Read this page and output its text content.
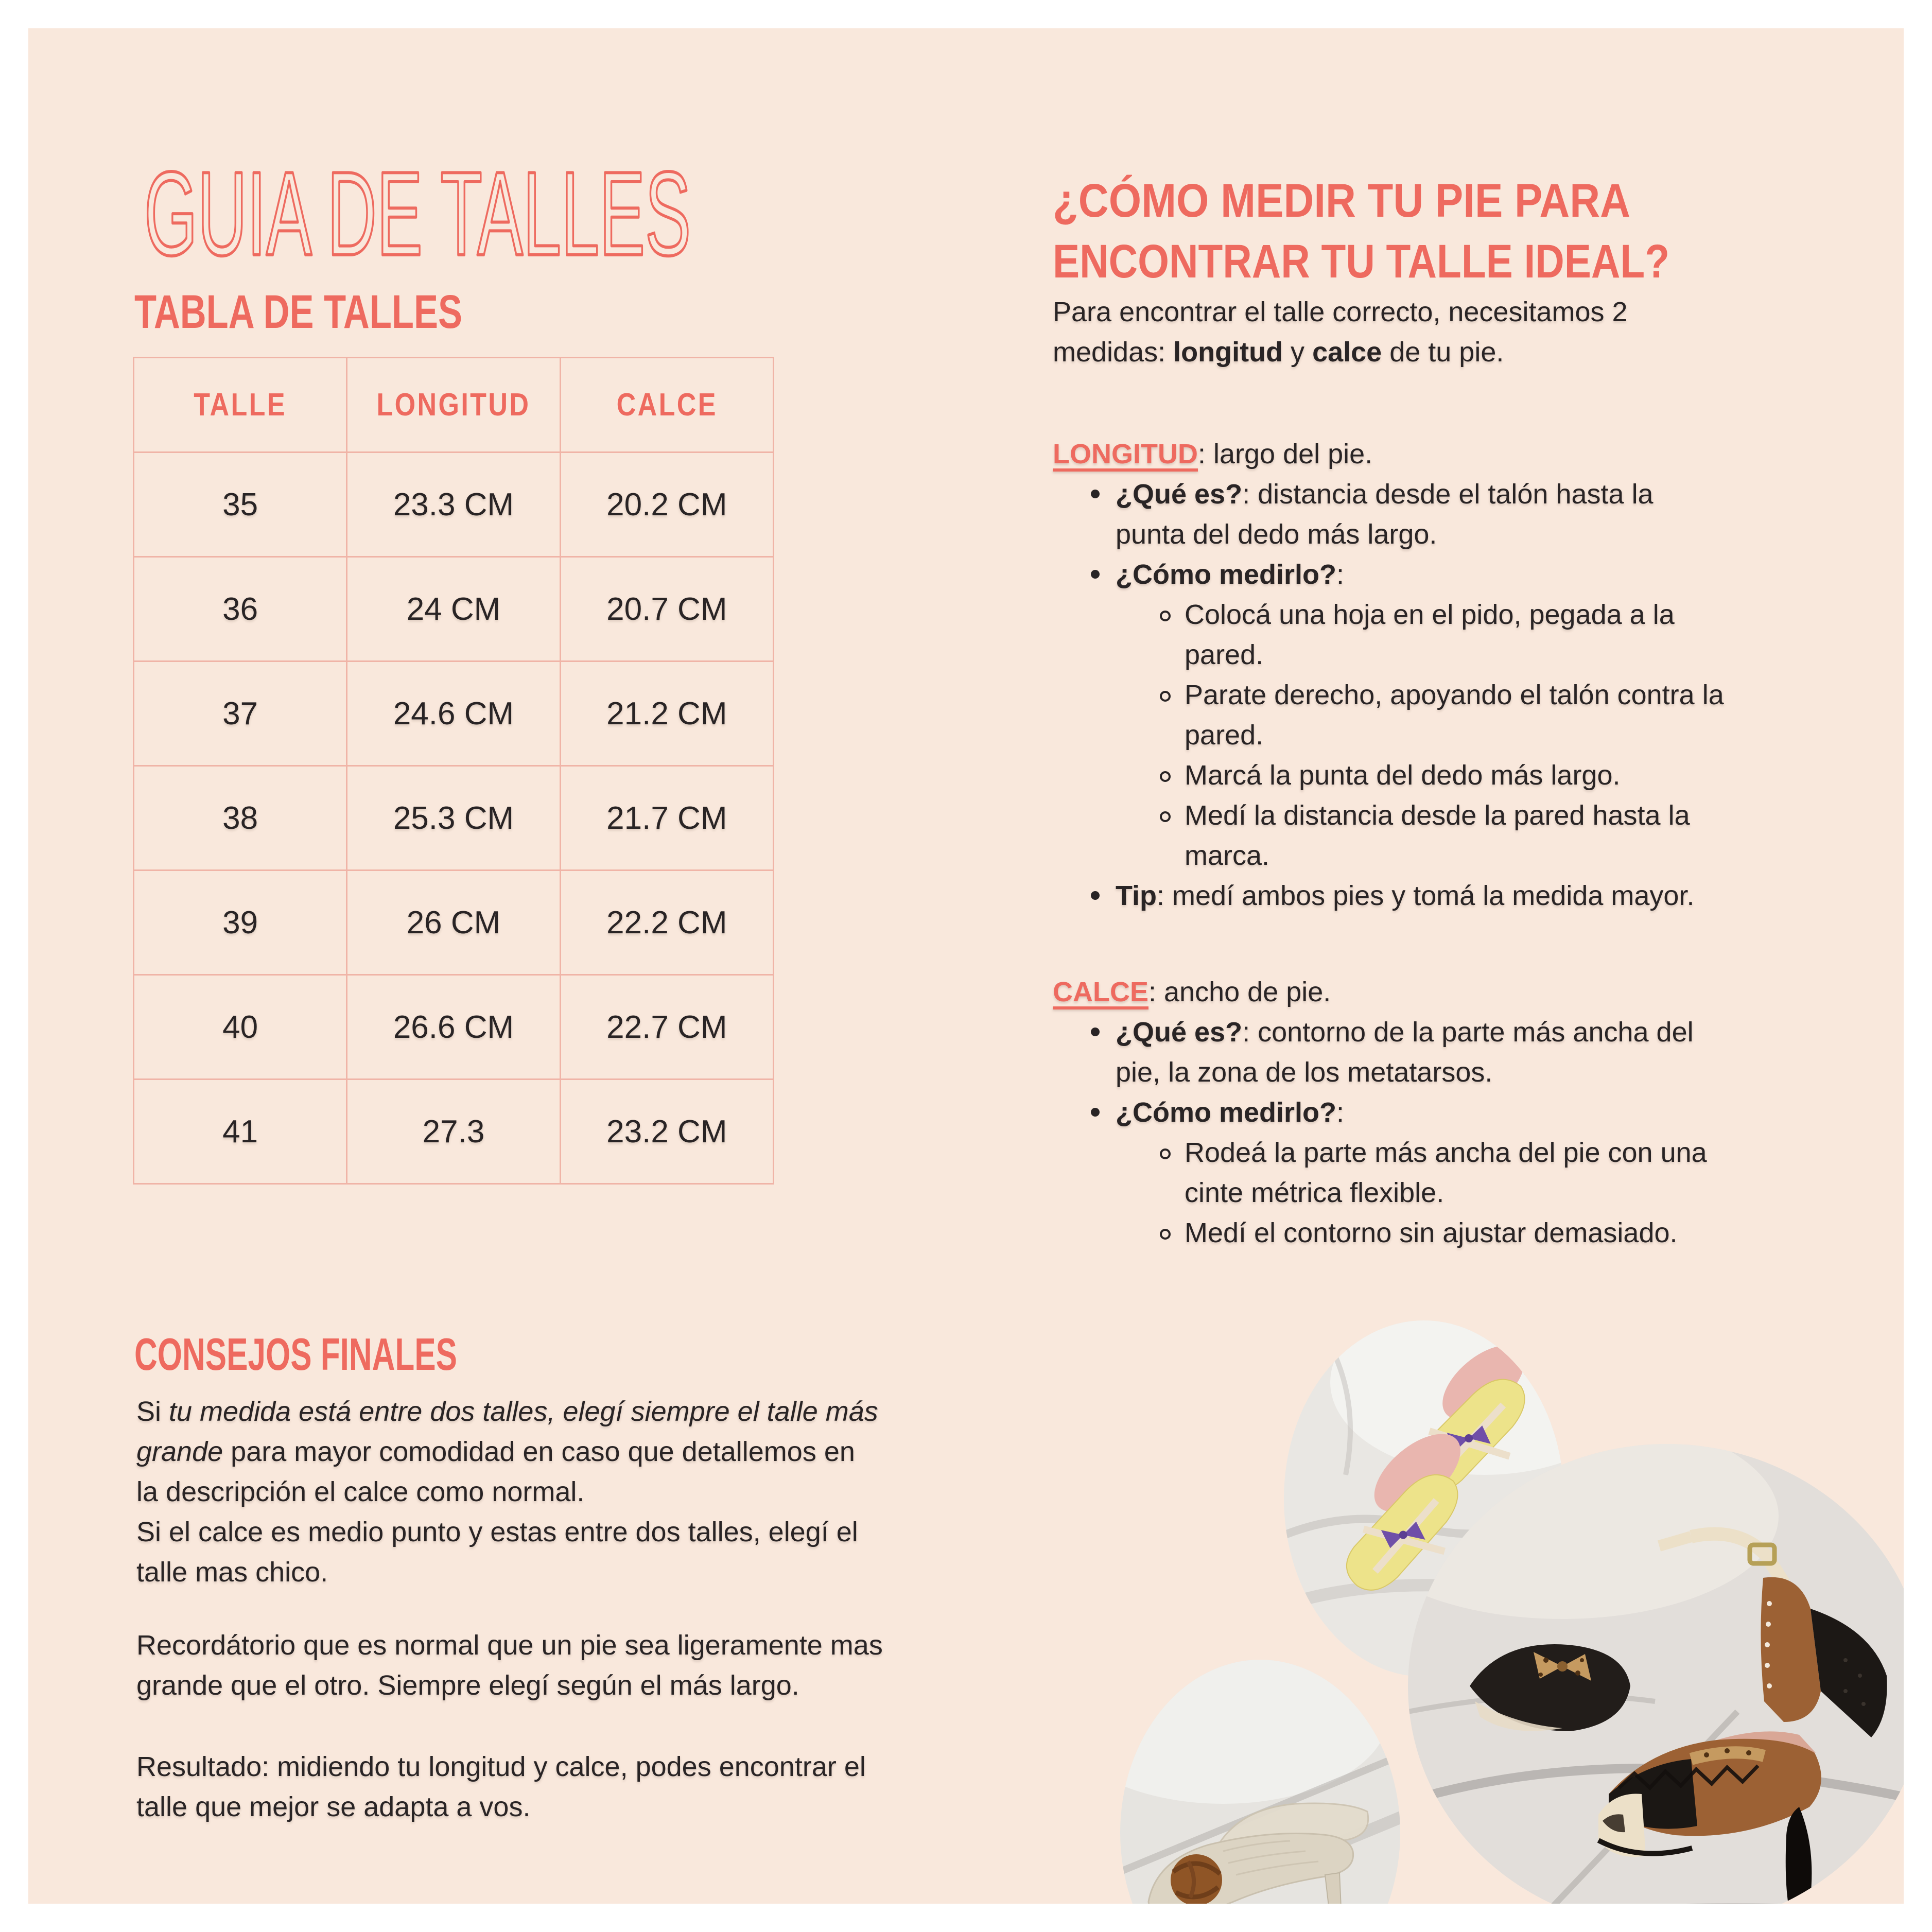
GUIA DE TALLES
TABLA DE TALLES
TALLE	LONGITUD	CALCE
35	23.3 CM	20.2 CM
36	24 CM	20.7 CM
37	24.6 CM	21.2 CM
38	25.3 CM	21.7 CM
39	26 CM	22.2 CM
40	26.6 CM	22.7 CM
41	27.3	23.2 CM
¿CÓMO MEDIR TU PIE PARA
ENCONTRAR TU TALLE IDEAL?
Para encontrar el talle correcto, necesitamos 2
medidas: longitud y calce de tu pie.
LONGITUD: largo del pie.
¿Qué es?: distancia desde el talón hasta la
punta del dedo más largo.
¿Cómo medirlo?:
Colocá una hoja en el pido, pegada a la
pared.
Parate derecho, apoyando el talón contra la
pared.
Marcá la punta del dedo más largo.
Medí la distancia desde la pared hasta la
marca.
Tip: medí ambos pies y tomá la medida mayor.
CALCE: ancho de pie.
¿Qué es?: contorno de la parte más ancha del
pie, la zona de los metatarsos.
¿Cómo medirlo?:
Rodeá la parte más ancha del pie con una
cinte métrica flexible.
Medí el contorno sin ajustar demasiado.
CONSEJOS FINALES
Si tu medida está entre dos talles, elegí siempre el talle más
grande para mayor comodidad en caso que detallemos en
la descripción el calce como normal.
Si el calce es medio punto y estas entre dos talles, elegí el
talle mas chico.
Recordátorio que es normal que un pie sea ligeramente mas
grande que el otro. Siempre elegí según el más largo.
Resultado: midiendo tu longitud y calce, podes encontrar el
talle que mejor se adapta a vos.
